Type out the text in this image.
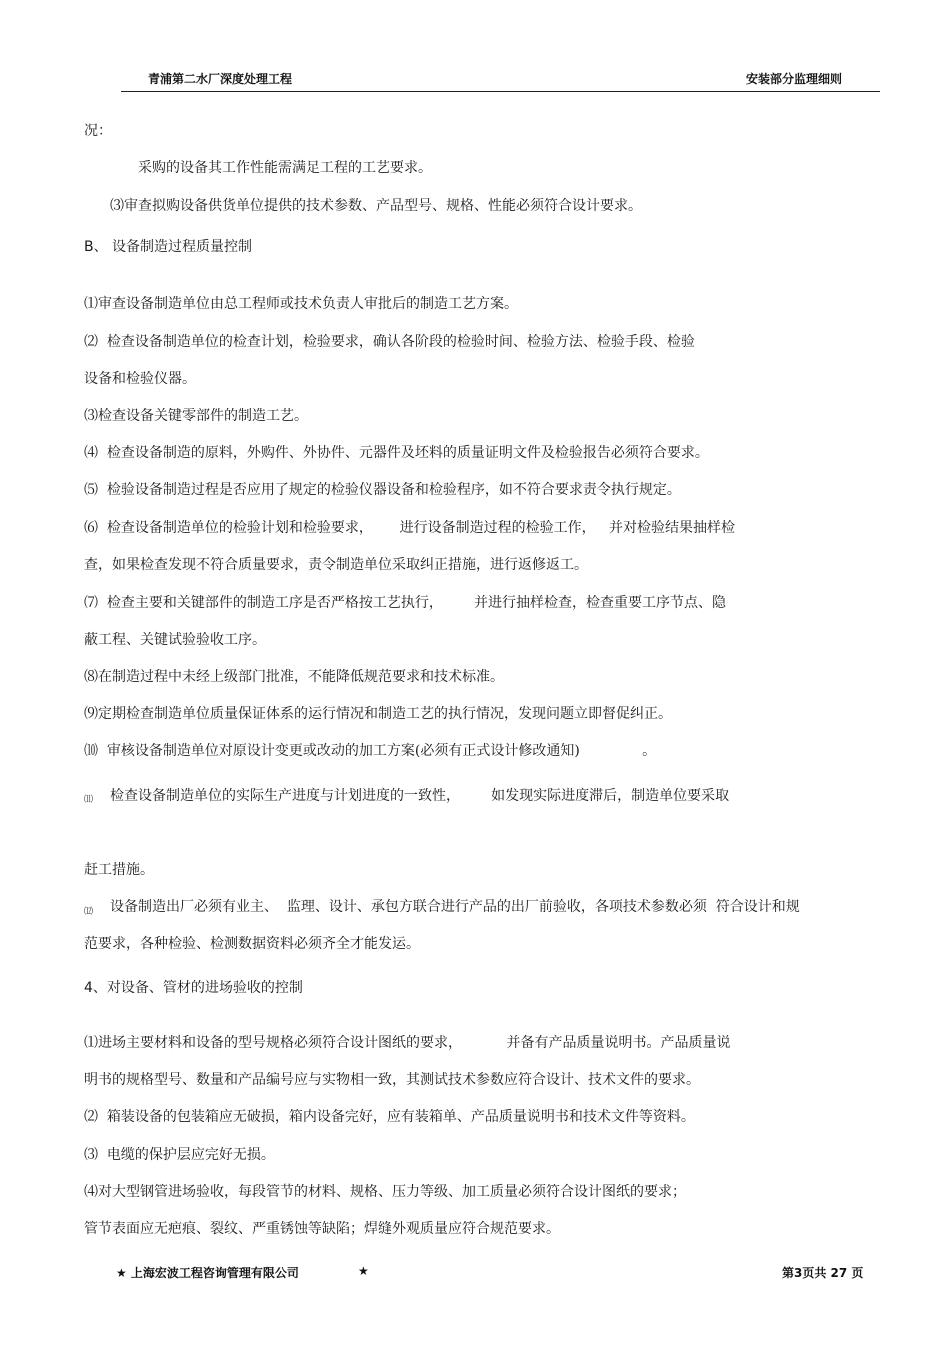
青浦第二水厂深度处理工程	安装部分监理细则
况：
采购的设备其工作性能需满足工程的工艺要求。
⑶审查拟购设备供货单位提供的技术参数、产品型号、规格、性能必须符合设计要求。
B、 设备制造过程质量控制
⑴审查设备制造单位由总工程师或技术负责人审批后的制造工艺方案。
⑵  检查设备制造单位的检查计划，检验要求，确认各阶段的检验时间、检验方法、检验手段、检验
设备和检验仪器。
⑶检查设备关键零部件的制造工艺。
⑷  检查设备制造的原料，外购件、外协件、元器件及坯料的质量证明文件及检验报告必须符合要求。
⑸  检验设备制造过程是否应用了规定的检验仪器设备和检验程序，如不符合要求责令执行规定。
⑹  检查设备制造单位的检验计划和检验要求，      进行设备制造过程的检验工作，   并对检验结果抽样检
查，如果检查发现不符合质量要求，责令制造单位采取纠正措施，进行返修返工。
⑺  检查主要和关键部件的制造工序是否严格按工艺执行，       并进行抽样检查，检查重要工序节点、隐
蔽工程、关键试验验收工序。
⑻在制造过程中未经上级部门批准，不能降低规范要求和技术标准。
⑼定期检查制造单位质量保证体系的运行情况和制造工艺的执行情况，发现问题立即督促纠正。
⑽  审核设备制造单位对原设计变更或改动的加工方案(必须有正式设计修改通知)              。
⑾ 检查设备制造单位的实际生产进度与计划进度的一致性，       如发现实际进度滞后，制造单位要采取
赶工措施。
⑿ 设备制造出厂必须有业主、  监理、设计、承包方联合进行产品的出厂前验收，各项技术参数必须  符合设计和规
范要求，各种检验、检测数据资料必须齐全才能发运。
4、对设备、管材的进场验收的控制
⑴进场主要材料和设备的型号规格必须符合设计图纸的要求，          并备有产品质量说明书。产品质量说
明书的规格型号、数量和产品编号应与实物相一致，其测试技术参数应符合设计、技术文件的要求。
⑵  箱装设备的包装箱应无破损，箱内设备完好，应有装箱单、产品质量说明书和技术文件等资料。
⑶  电缆的保护层应完好无损。
⑷对大型钢管进场验收，每段管节的材料、规格、压力等级、加工质量必须符合设计图纸的要求；
管节表面应无疤痕、裂纹、严重锈蚀等缺陷；焊缝外观质量应符合规范要求。
★ 上海宏波工程咨询管理有限公司	★	第3页共 27 页
